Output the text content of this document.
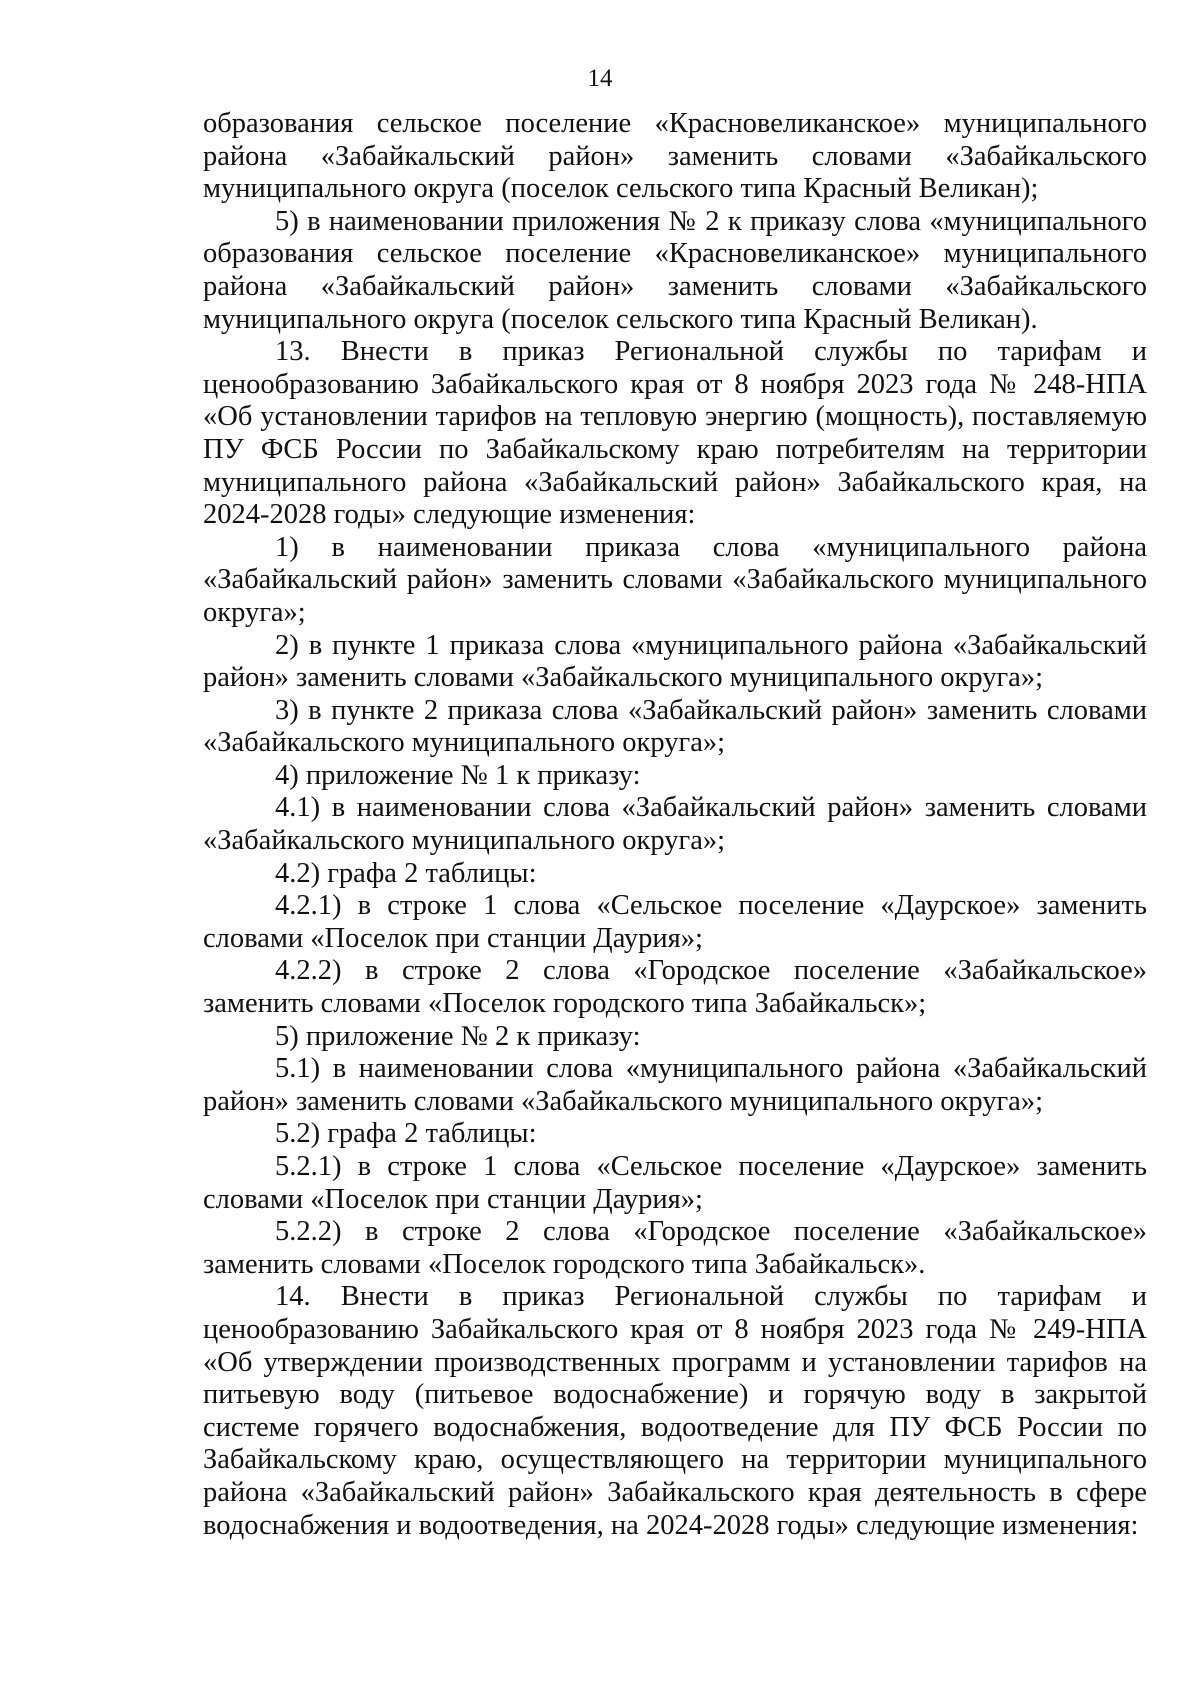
14

образования сельское поселение «Красновеликанское» муниципального района «Забайкальский район» заменить словами «Забайкальского муниципального округа (поселок сельского типа Красный Великан);

5) в наименовании приложения № 2 к приказу слова «муниципального образования сельское поселение «Красновеликанское» муниципального района «Забайкальский район» заменить словами «Забайкальского муниципального округа (поселок сельского типа Красный Великан).

13. Внести в приказ Региональной службы по тарифам и ценообразованию Забайкальского края от 8 ноября 2023 года № 248-НПА «Об установлении тарифов на тепловую энергию (мощность), поставляемую ПУ ФСБ России по Забайкальскому краю потребителям на территории муниципального района «Забайкальский район» Забайкальского края, на 2024-2028 годы» следующие изменения:

1) в наименовании приказа слова «муниципального района «Забайкальский район» заменить словами «Забайкальского муниципального округа»;

2) в пункте 1 приказа слова «муниципального района «Забайкальский район» заменить словами «Забайкальского муниципального округа»;

3) в пункте 2 приказа слова «Забайкальский район» заменить словами «Забайкальского муниципального округа»;

4) приложение № 1 к приказу:

4.1) в наименовании слова «Забайкальский район» заменить словами «Забайкальского муниципального округа»;

4.2) графа 2 таблицы:

4.2.1) в строке 1 слова «Сельское поселение «Даурское» заменить словами «Поселок при станции Даурия»;

4.2.2) в строке 2 слова «Городское поселение «Забайкальское» заменить словами «Поселок городского типа Забайкальск»;

5) приложение № 2 к приказу:

5.1) в наименовании слова «муниципального района «Забайкальский район» заменить словами «Забайкальского муниципального округа»;

5.2) графа 2 таблицы:

5.2.1) в строке 1 слова «Сельское поселение «Даурское» заменить словами «Поселок при станции Даурия»;

5.2.2) в строке 2 слова «Городское поселение «Забайкальское» заменить словами «Поселок городского типа Забайкальск».

14. Внести в приказ Региональной службы по тарифам и ценообразованию Забайкальского края от 8 ноября 2023 года № 249-НПА «Об утверждении производственных программ и установлении тарифов на питьевую воду (питьевое водоснабжение) и горячую воду в закрытой системе горячего водоснабжения, водоотведение для ПУ ФСБ России по Забайкальскому краю, осуществляющего на территории муниципального района «Забайкальский район» Забайкальского края деятельность в сфере водоснабжения и водоотведения, на 2024-2028 годы» следующие изменения:
